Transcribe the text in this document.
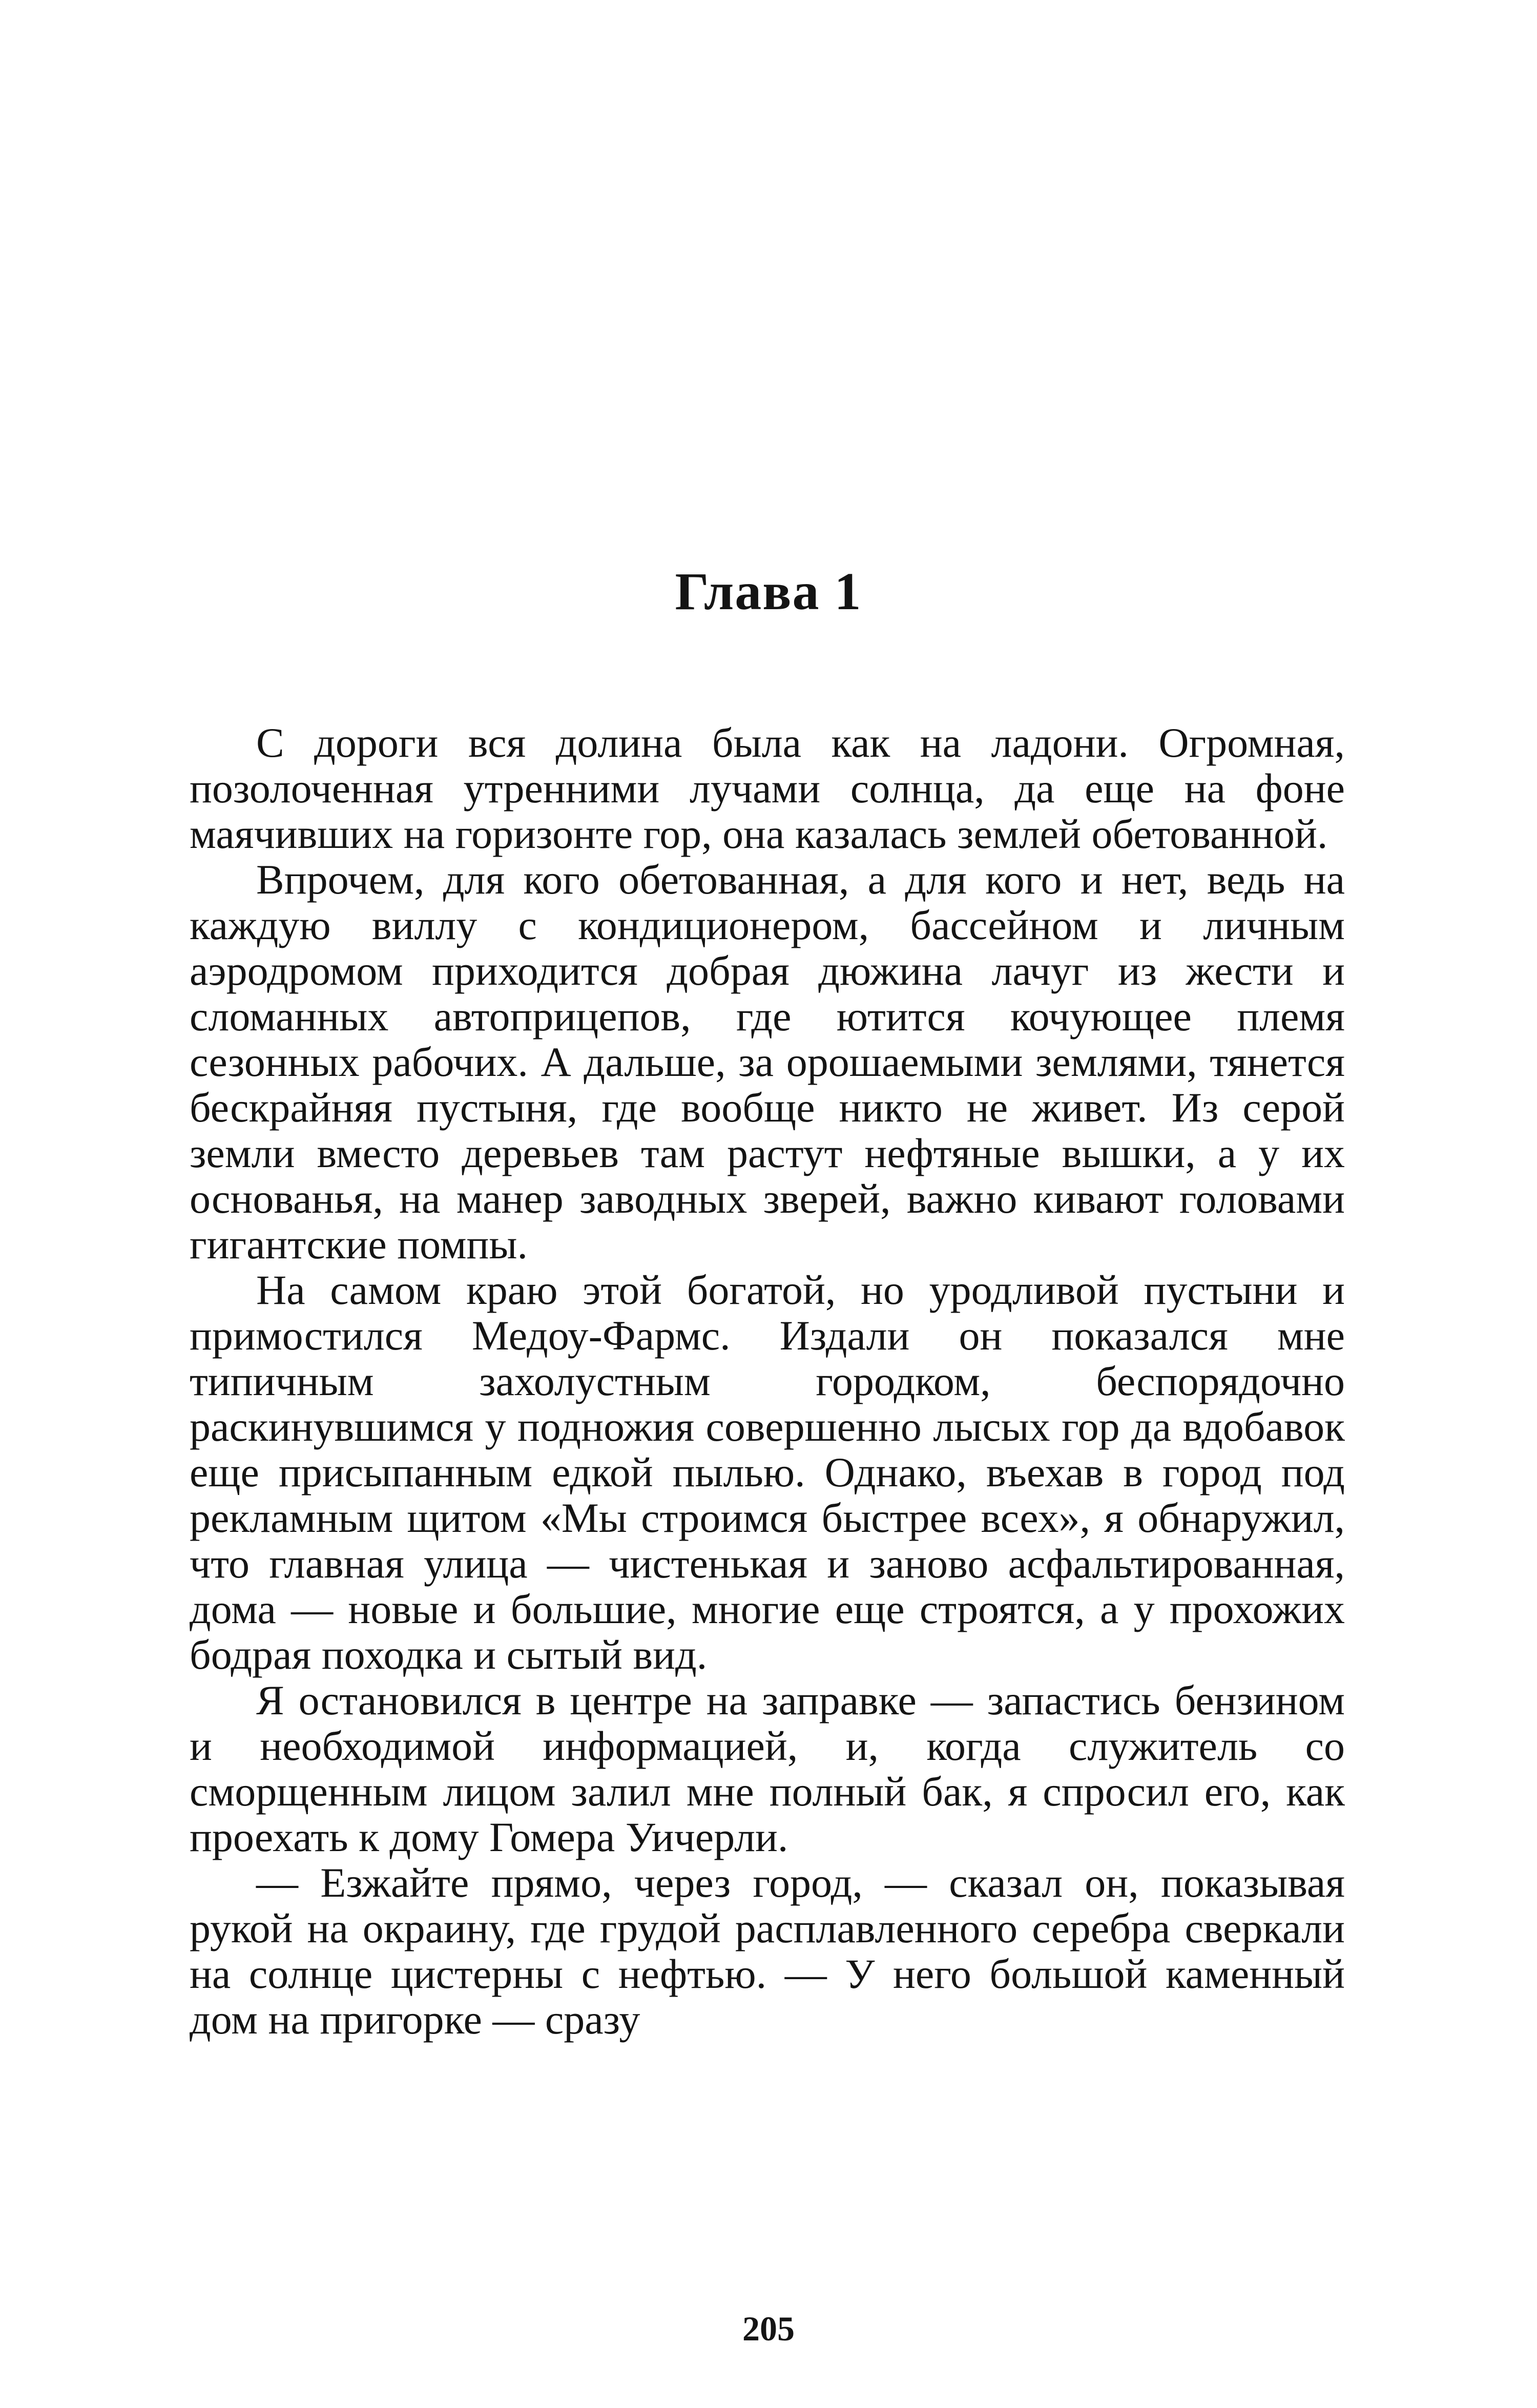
Глава 1

С дороги вся долина была как на ладони. Огромная, позолоченная утренними лучами солнца, да еще на фоне маячивших на горизонте гор, она казалась землей обетованной.

Впрочем, для кого обетованная, а для кого и нет, ведь на каждую виллу с кондиционером, бассейном и личным аэродромом приходится добрая дюжина лачуг из жести и сломанных автоприцепов, где ютится кочующее племя сезонных рабочих. А дальше, за орошаемыми землями, тянется бескрайняя пустыня, где вообще никто не живет. Из серой земли вместо деревьев там растут нефтяные вышки, а у их основанья, на манер заводных зверей, важно кивают головами гигантские помпы.

На самом краю этой богатой, но уродливой пустыни и примостился Медоу-Фармс. Издали он показался мне типичным захолустным городком, беспорядочно раскинувшимся у подножия совершенно лысых гор да вдобавок еще присыпанным едкой пылью. Однако, въехав в город под рекламным щитом «Мы строимся быстрее всех», я обнаружил, что главная улица — чистенькая и заново асфальтированная, дома — новые и большие, многие еще строятся, а у прохожих бодрая походка и сытый вид.

Я остановился в центре на заправке — запастись бензином и необходимой информацией, и, когда служитель со сморщенным лицом залил мне полный бак, я спросил его, как проехать к дому Гомера Уичерли.

— Езжайте прямо, через город, — сказал он, показывая рукой на окраину, где грудой расплавленного серебра сверкали на солнце цистерны с нефтью. — У него большой каменный дом на пригорке — сразу

205
